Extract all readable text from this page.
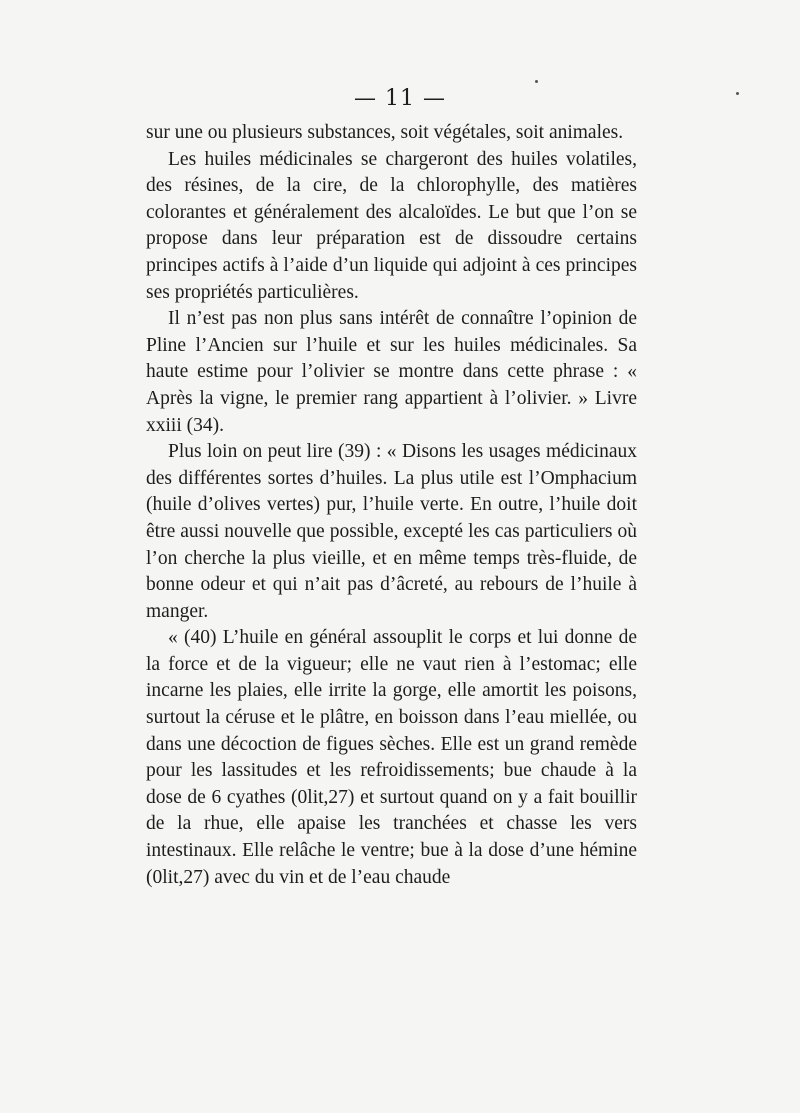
— 11 —

sur une ou plusieurs substances, soit végétales, soit animales.

Les huiles médicinales se chargeront des huiles volatiles, des résines, de la cire, de la chlorophylle, des matières colorantes et généralement des alcaloïdes. Le but que l’on se propose dans leur préparation est de dissoudre certains principes actifs à l’aide d’un liquide qui adjoint à ces principes ses propriétés particulières.

Il n’est pas non plus sans intérêt de connaître l’opinion de Pline l’Ancien sur l’huile et sur les huiles médicinales. Sa haute estime pour l’olivier se montre dans cette phrase : « Après la vigne, le premier rang appartient à l’olivier. » Livre xxiii (34).

Plus loin on peut lire (39) : « Disons les usages médicinaux des différentes sortes d’huiles. La plus utile est l’Omphacium (huile d’olives vertes) pur, l’huile verte. En outre, l’huile doit être aussi nouvelle que possible, excepté les cas particuliers où l’on cherche la plus vieille, et en même temps très-fluide, de bonne odeur et qui n’ait pas d’âcreté, au rebours de l’huile à manger.

« (40) L’huile en général assouplit le corps et lui donne de la force et de la vigueur; elle ne vaut rien à l’estomac; elle incarne les plaies, elle irrite la gorge, elle amortit les poisons, surtout la céruse et le plâtre, en boisson dans l’eau miellée, ou dans une décoction de figues sèches. Elle est un grand remède pour les lassitudes et les refroidissements; bue chaude à la dose de 6 cyathes (0lit,27) et surtout quand on y a fait bouillir de la rhue, elle apaise les tranchées et chasse les vers intestinaux. Elle relâche le ventre; bue à la dose d’une hémine (0lit,27) avec du vin et de l’eau chaude
